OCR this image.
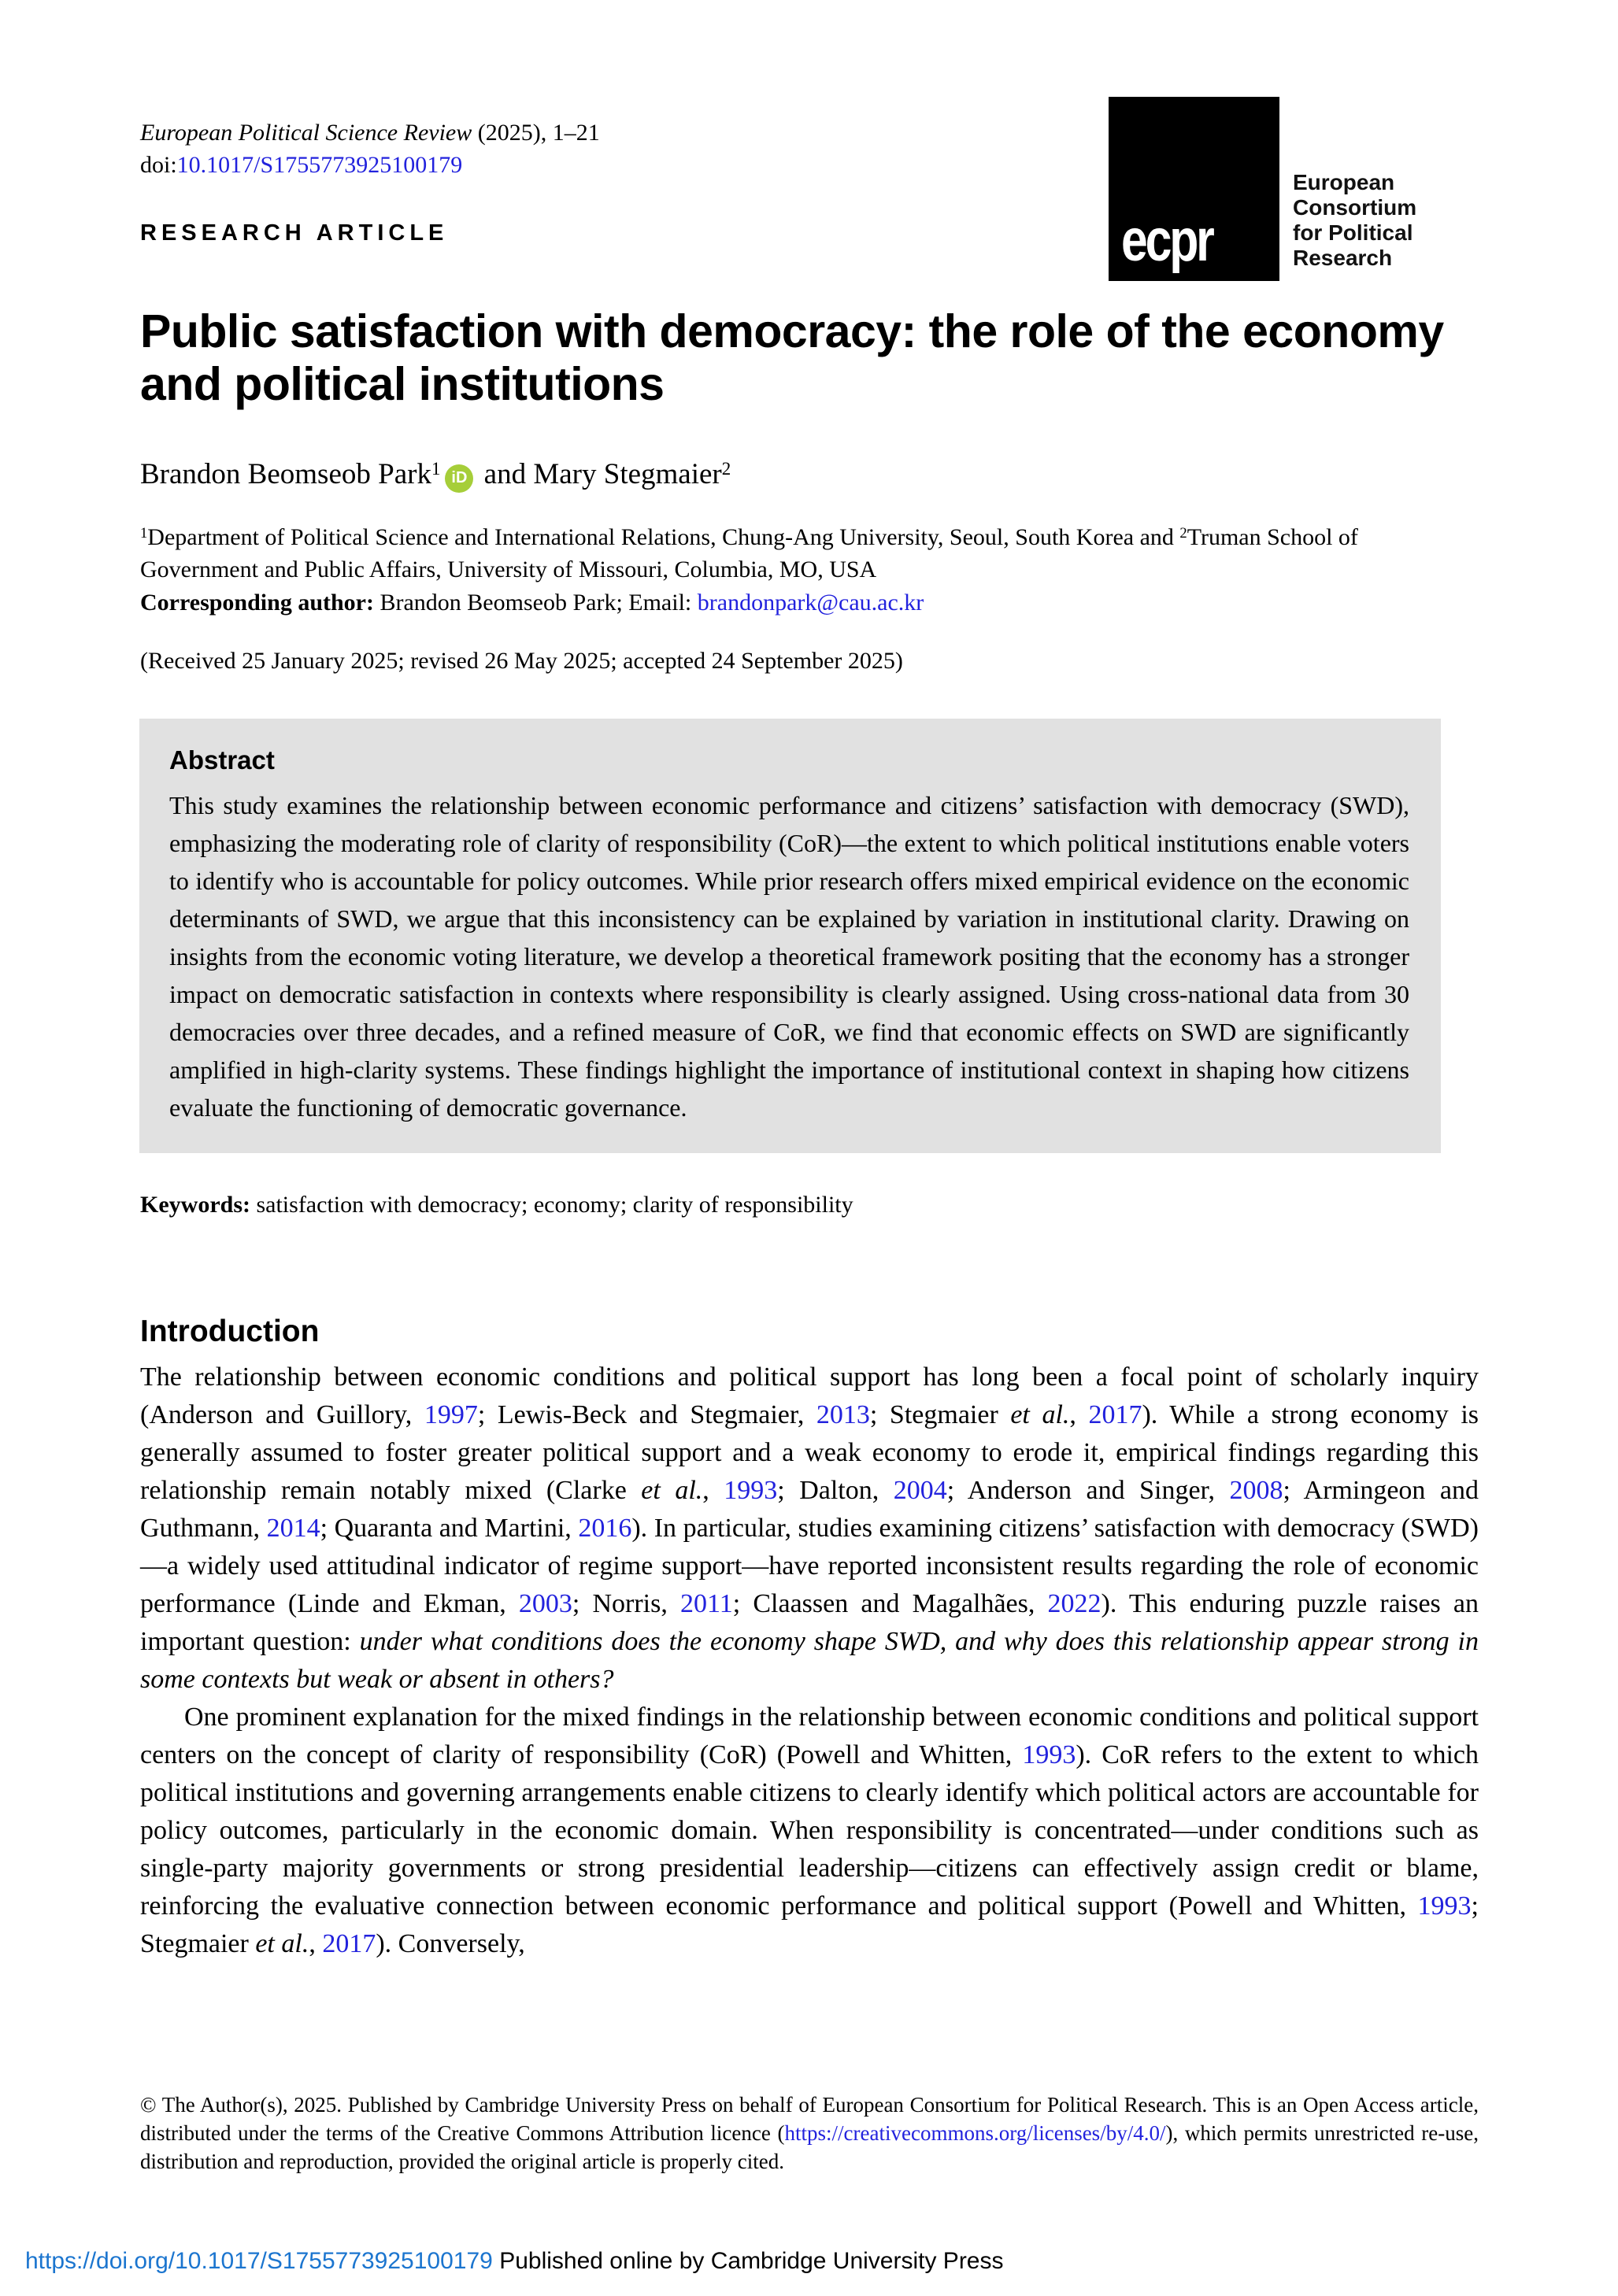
European Political Science Review (2025), 1–21
doi:10.1017/S1755773925100179
RESEARCH ARTICLE	ecpr
European
Consortium
for Political
Research
Public satisfaction with democracy: the role of the economy and political institutions
Brandon Beomseob Park$^1$ iD and Mary Stegmaier$^2$
$^1$Department of Political Science and International Relations, Chung-Ang University, Seoul, South Korea and $^2$Truman School of Government and Public Affairs, University of Missouri, Columbia, MO, USA
Corresponding author: Brandon Beomseob Park; Email: brandonpark@cau.ac.kr
(Received 25 January 2025; revised 26 May 2025; accepted 24 September 2025)
Abstract

This study examines the relationship between economic performance and citizens’ satisfaction with democracy (SWD), emphasizing the moderating role of clarity of responsibility (CoR)—the extent to which political institutions enable voters to identify who is accountable for policy outcomes. While prior research offers mixed empirical evidence on the economic determinants of SWD, we argue that this inconsistency can be explained by variation in institutional clarity. Drawing on insights from the economic voting literature, we develop a theoretical framework positing that the economy has a stronger impact on democratic satisfaction in contexts where responsibility is clearly assigned. Using cross-national data from 30 democracies over three decades, and a refined measure of CoR, we find that economic effects on SWD are significantly amplified in high-clarity systems. These findings highlight the importance of institutional context in shaping how citizens evaluate the functioning of democratic governance.

Keywords: satisfaction with democracy; economy; clarity of responsibility
Introduction

The relationship between economic conditions and political support has long been a focal point of scholarly inquiry (Anderson and Guillory, 1997; Lewis-Beck and Stegmaier, 2013; Stegmaier et al., 2017). While a strong economy is generally assumed to foster greater political support and a weak economy to erode it, empirical findings regarding this relationship remain notably mixed (Clarke et al., 1993; Dalton, 2004; Anderson and Singer, 2008; Armingeon and Guthmann, 2014; Quaranta and Martini, 2016). In particular, studies examining citizens’ satisfaction with democracy (SWD)—a widely used attitudinal indicator of regime support—have reported inconsistent results regarding the role of economic performance (Linde and Ekman, 2003; Norris, 2011; Claassen and Magalhães, 2022). This enduring puzzle raises an important question: under what conditions does the economy shape SWD, and why does this relationship appear strong in some contexts but weak or absent in others?

One prominent explanation for the mixed findings in the relationship between economic conditions and political support centers on the concept of clarity of responsibility (CoR) (Powell and Whitten, 1993). CoR refers to the extent to which political institutions and governing arrangements enable citizens to clearly identify which political actors are accountable for policy outcomes, particularly in the economic domain. When responsibility is concentrated—under conditions such as single-party majority governments or strong presidential leadership—citizens can effectively assign credit or blame, reinforcing the evaluative connection between economic performance and political support (Powell and Whitten, 1993; Stegmaier et al., 2017). Conversely,

© The Author(s), 2025. Published by Cambridge University Press on behalf of European Consortium for Political Research. This is an Open Access article, distributed under the terms of the Creative Commons Attribution licence (https://creativecommons.org/licenses/by/4.0/), which permits unrestricted re-use, distribution and reproduction, provided the original article is properly cited.
https://doi.org/10.1017/S1755773925100179 Published online by Cambridge University Press
